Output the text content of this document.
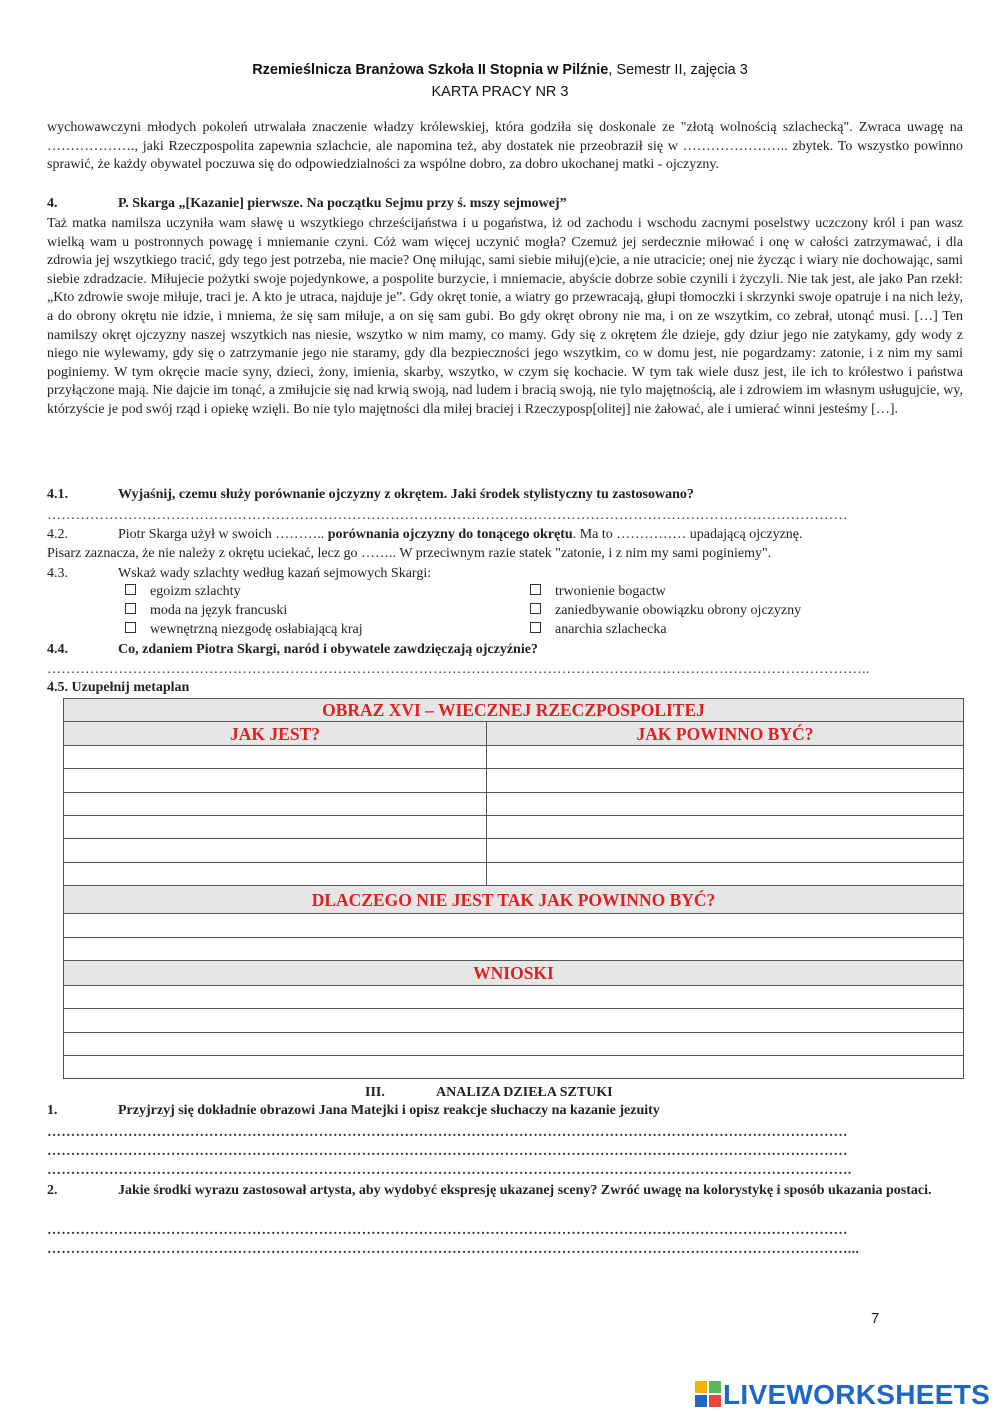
Rzemieślnicza Branżowa Szkoła II Stopnia w Pilźnie, Semestr II, zajęcia 3
KARTA PRACY NR 3

wychowawczyni młodych pokoleń utrwalała znaczenie władzy królewskiej, która godziła się doskonale ze "złotą wolnością szlachecką". Zwraca uwagę na ………………., jaki Rzeczpospolita zapewnia szlachcie, ale napomina też, aby dostatek nie przeobraził się w ………………….. zbytek. To wszystko powinno sprawić, że każdy obywatel poczuwa się do odpowiedzialności za wspólne dobro, za dobro ukochanej matki - ojczyzny.

4.	P. Skarga „[Kazanie] pierwsze. Na początku Sejmu przy ś. mszy sejmowej”

Taż matka namilsza uczyniła wam sławę u wszytkiego chrześcijaństwa i u pogaństwa, iż od zachodu i wschodu zacnymi poselstwy uczczony król i pan wasz wielką wam u postronnych powagę i mniemanie czyni. Cóż wam więcej uczynić mogła? Czemuż jej serdecznie miłować i onę w całości zatrzymawać, i dla zdrowia jej wszytkiego tracić, gdy tego jest potrzeba, nie macie? Onę miłując, sami siebie miłuj(e)cie, a nie utracicie; onej nie życząc i wiary nie dochowając, sami siebie zdradzacie. Miłujecie pożytki swoje pojedynkowe, a pospolite burzycie, i mniemacie, abyście dobrze sobie czynili i życzyli. Nie tak jest, ale jako Pan rzekł: „Kto zdrowie swoje miłuje, traci je. A kto je utraca, najduje je”. Gdy okręt tonie, a wiatry go przewracają, głupi tłomoczki i skrzynki swoje opatruje i na nich leży, a do obrony okrętu nie idzie, i mniema, że się sam miłuje, a on się sam gubi. Bo gdy okręt obrony nie ma, i on ze wszytkim, co zebrał, utonąć musi. […] Ten namilszy okręt ojczyzny naszej wszytkich nas niesie, wszytko w nim mamy, co mamy. Gdy się z okrętem źle dzieje, gdy dziur jego nie zatykamy, gdy wody z niego nie wylewamy, gdy się o zatrzymanie jego nie staramy, gdy dla bezpieczności jego wszytkim, co w domu jest, nie pogardzamy: zatonie, i z nim my sami poginiemy. W tym okręcie macie syny, dzieci, żony, imienia, skarby, wszytko, w czym się kochacie. W tym tak wiele dusz jest, ile ich to królestwo i państwa przyłączone mają. Nie dajcie im tonąć, a zmiłujcie się nad krwią swoją, nad ludem i bracią swoją, nie tylo majętnością, ale i zdrowiem im własnym usługujcie, wy, którzyście je pod swój rząd i opiekę wzięli. Bo nie tylo majętności dla miłej braciej i Rzeczyposp[olitej] nie żałować, ale i umierać winni jesteśmy […].

4.1.	Wyjaśnij, czemu służy porównanie ojczyzny z okrętem. Jaki środek stylistyczny tu zastosowano?
……………………………………………………………………………………………………………………………………………………
4.2.	Piotr Skarga użył w swoich ……….. porównania ojczyzny do tonącego okrętu. Ma to …………… upadającą ojczyznę.
Pisarz zaznacza, że nie należy z okrętu uciekać, lecz go …….. W przeciwnym razie statek "zatonie, i z nim my sami poginiemy".
4.3.	Wskaż wady szlachty według kazań sejmowych Skargi:
egoizm szlachty
moda na język francuski
wewnętrzną niezgodę osłabiającą kraj
trwonienie bogactw
zaniedbywanie obowiązku obrony ojczyzny
anarchia szlachecka
4.4.	Co, zdaniem Piotra Skargi, naród i obywatele zawdzięczają ojczyźnie?
………………………………………………………………………………………………………………………………………………………..
4.5. Uzupełnij metaplan
OBRAZ XVI – WIECZNEJ RZECZPOSPOLITEJ	
JAK JEST?	JAK POWINNO BYĆ?

DLACZEGO NIE JEST TAK JAK POWINNO BYĆ?	

WNIOSKI	

III.	ANALIZA DZIEŁA SZTUKI
1.	Przyjrzyj się dokładnie obrazowi Jana Matejki i opisz reakcje słuchaczy na kazanie jezuity
……………………………………………………………………………………………………………………………………………………
……………………………………………………………………………………………………………………………………………………
…………………………………………………………………………………………………………………………………………………….
2.	Jakie środki wyrazu zastosował artysta, aby wydobyć ekspresję ukazanej sceny? Zwróć uwagę na kolorystykę i sposób ukazania postaci.
……………………………………………………………………………………………………………………………………………………
……………………………………………………………………………………………………………………………………………………...
7
LIVEWORKSHEETS
